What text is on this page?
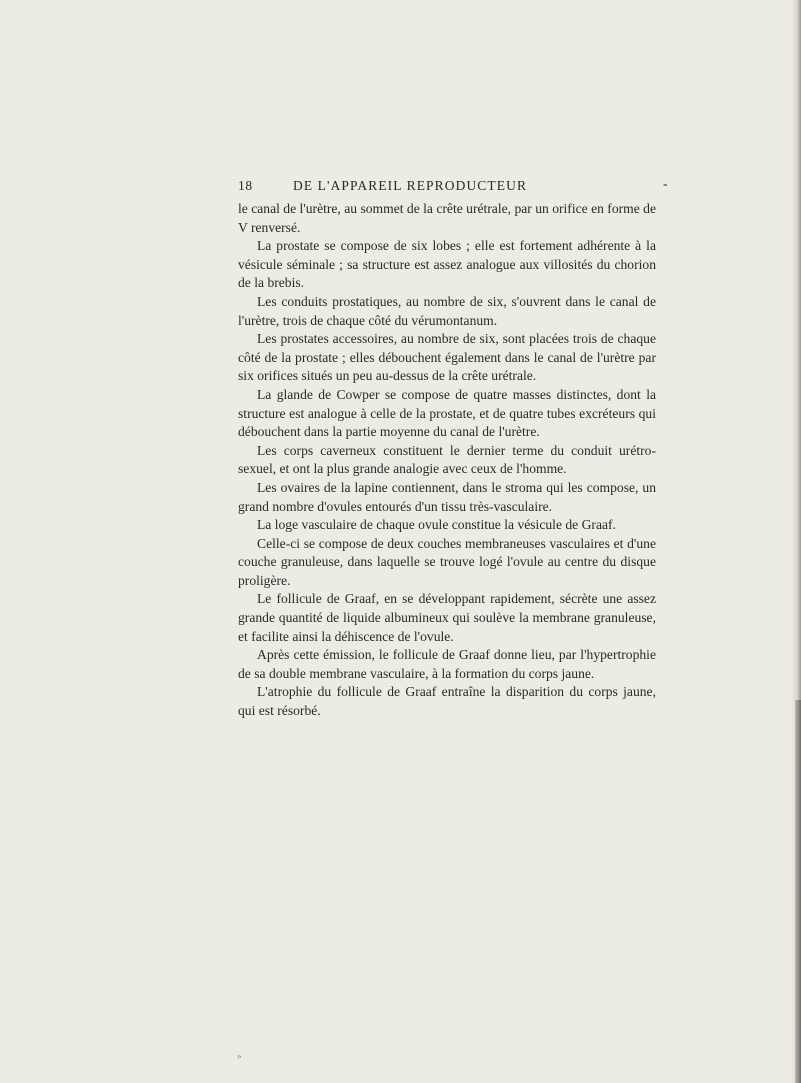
18	DE L'APPAREIL REPRODUCTEUR	-

le canal de l'urètre, au sommet de la crête urétrale, par un orifice en forme de V renversé.

La prostate se compose de six lobes ; elle est fortement adhérente à la vésicule séminale ; sa structure est assez analogue aux villosités du chorion de la brebis.

Les conduits prostatiques, au nombre de six, s'ouvrent dans le canal de l'urètre, trois de chaque côté du vérumontanum.

Les prostates accessoires, au nombre de six, sont placées trois de chaque côté de la prostate ; elles débouchent également dans le canal de l'urètre par six orifices situés un peu au-dessus de la crête urétrale.

La glande de Cowper se compose de quatre masses distinctes, dont la structure est analogue à celle de la prostate, et de quatre tubes excréteurs qui débouchent dans la partie moyenne du canal de l'urètre.

Les corps caverneux constituent le dernier terme du conduit urétro-sexuel, et ont la plus grande analogie avec ceux de l'homme.

Les ovaires de la lapine contiennent, dans le stroma qui les compose, un grand nombre d'ovules entourés d'un tissu très-vasculaire.

La loge vasculaire de chaque ovule constitue la vésicule de Graaf.

Celle-ci se compose de deux couches membraneuses vasculaires et d'une couche granuleuse, dans laquelle se trouve logé l'ovule au centre du disque proligère.

Le follicule de Graaf, en se développant rapidement, sécrète une assez grande quantité de liquide albumineux qui soulève la membrane granuleuse, et facilite ainsi la déhiscence de l'ovule.

Après cette émission, le follicule de Graaf donne lieu, par l'hypertrophie de sa double membrane vasculaire, à la formation du corps jaune.

L'atrophie du follicule de Graaf entraîne la disparition du corps jaune, qui est résorbé.

»
